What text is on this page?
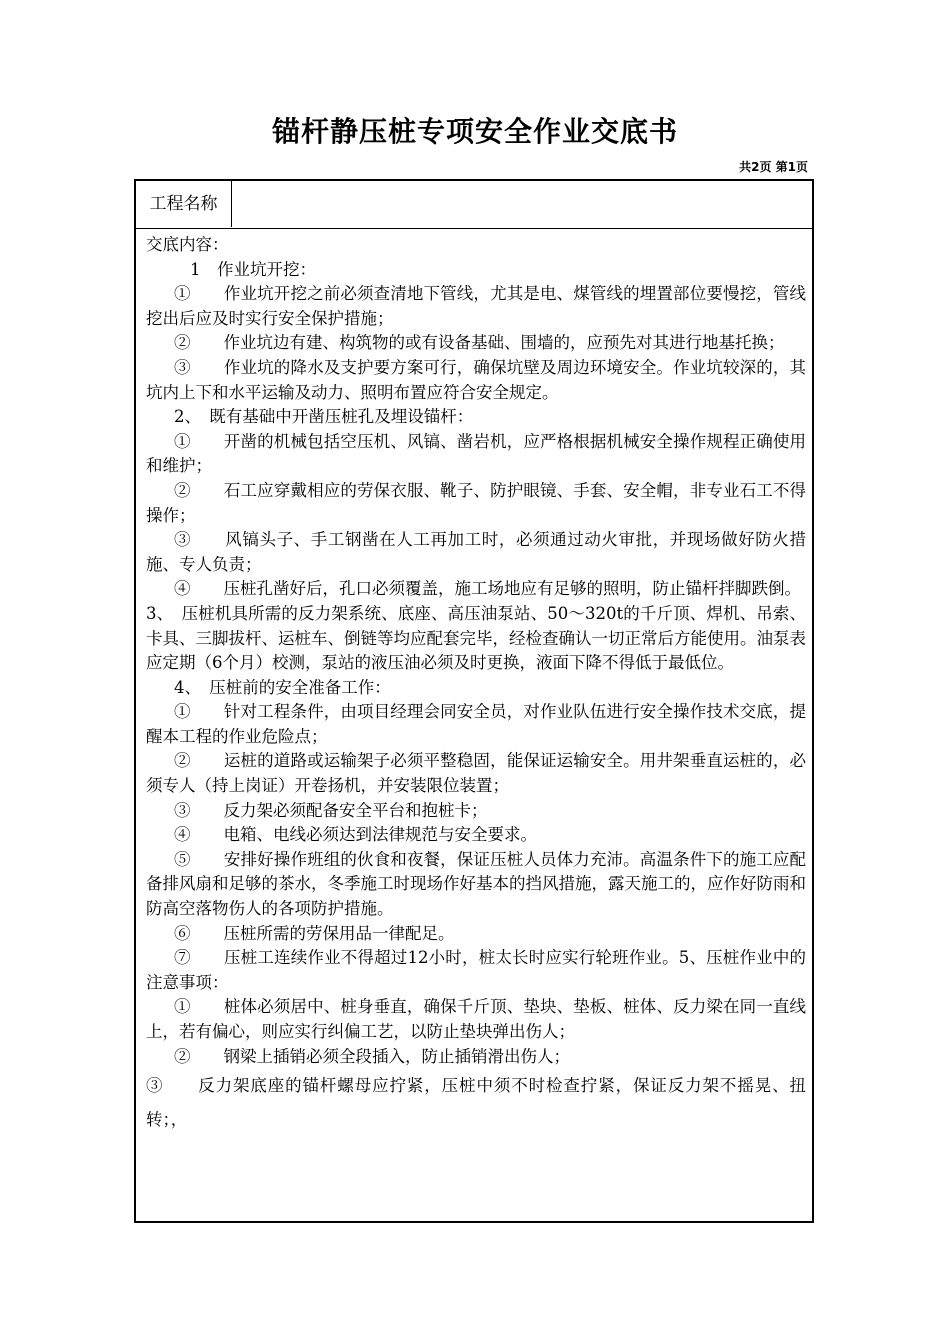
锚杆静压桩专项安全作业交底书
共2页 第1页
工程名称

交底内容：

1　作业坑开挖：

①　　作业坑开挖之前必须查清地下管线，尤其是电、煤管线的埋置部位要慢挖，管线挖出后应及时实行安全保护措施；

②　　作业坑边有建、构筑物的或有设备基础、围墙的，应预先对其进行地基托换；

③　　作业坑的降水及支护要方案可行，确保坑壁及周边环境安全。作业坑较深的，其坑内上下和水平运输及动力、照明布置应符合安全规定。

2、　既有基础中开凿压桩孔及埋设锚杆：

①　　开凿的机械包括空压机、风镐、凿岩机，应严格根据机械安全操作规程正确使用和维护；

②　　石工应穿戴相应的劳保衣服、靴子、防护眼镜、手套、安全帽，非专业石工不得操作；

③　　风镐头子、手工钢凿在人工再加工时，必须通过动火审批，并现场做好防火措施、专人负责；

④　　压桩孔凿好后，孔口必须覆盖，施工场地应有足够的照明，防止锚杆拌脚跌倒。

3、　压桩机具所需的反力架系统、底座、高压油泵站、50～320t的千斤顶、焊机、吊索、卡具、三脚拔杆、运桩车、倒链等均应配套完毕，经检查确认一切正常后方能使用。油泵表应定期（6个月）校测，泵站的液压油必须及时更换，液面下降不得低于最低位。

4、　压桩前的安全准备工作：

①　　针对工程条件，由项目经理会同安全员，对作业队伍进行安全操作技术交底，提醒本工程的作业危险点；

②　　运桩的道路或运输架子必须平整稳固，能保证运输安全。用井架垂直运桩的，必须专人（持上岗证）开卷扬机，并安装限位装置；

③　　反力架必须配备安全平台和抱桩卡；

④　　电箱、电线必须达到法律规范与安全要求。

⑤　　安排好操作班组的伙食和夜餐，保证压桩人员体力充沛。高温条件下的施工应配备排风扇和足够的茶水，冬季施工时现场作好基本的挡风措施，露天施工的，应作好防雨和防高空落物伤人的各项防护措施。

⑥　　压桩所需的劳保用品一律配足。

⑦　　压桩工连续作业不得超过12小时，桩太长时应实行轮班作业。5、压桩作业中的注意事项：

①　　桩体必须居中、桩身垂直，确保千斤顶、垫块、垫板、桩体、反力梁在同一直线上，若有偏心，则应实行纠偏工艺，以防止垫块弹出伤人；

②　　钢梁上插销必须全段插入，防止插销滑出伤人；

③　　反力架底座的锚杆螺母应拧紧，压桩中须不时检查拧紧，保证反力架不摇晃、扭转；，
